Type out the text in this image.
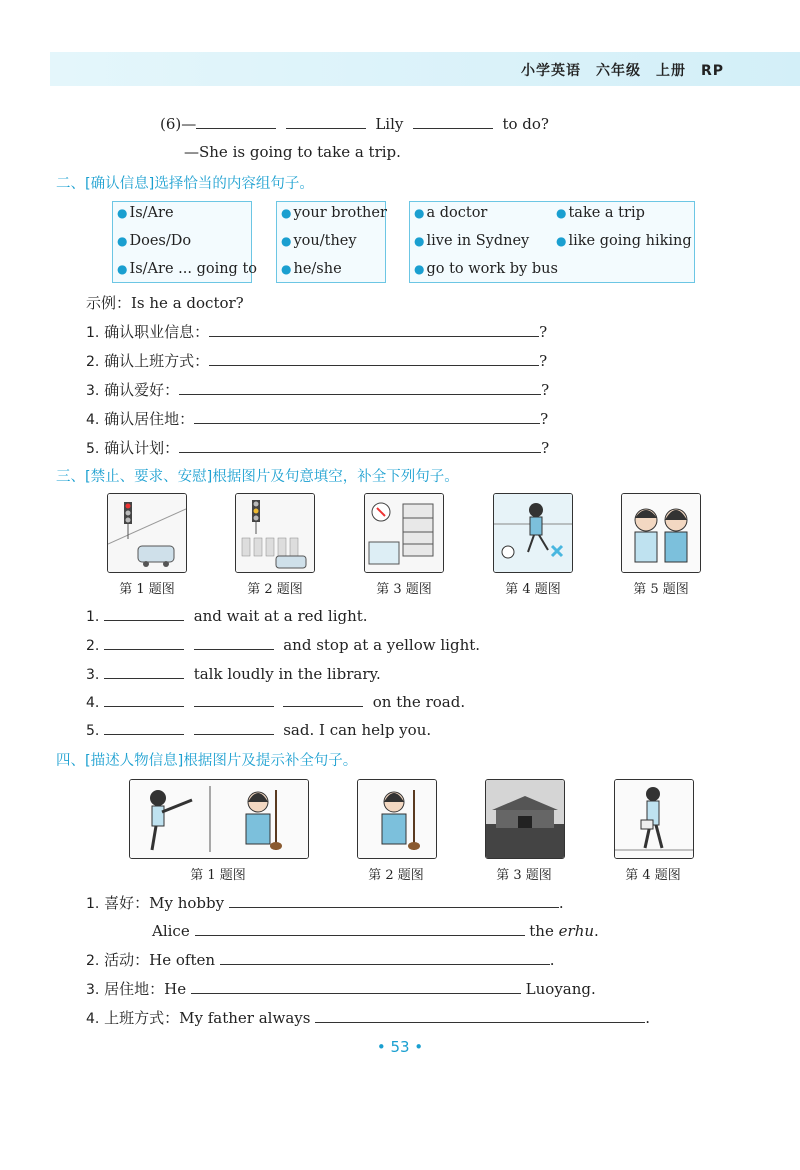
小学英语　六年级　上册　RP
(6)—	Lily	to do?
—She is going to take a trip.
二、[确认信息]选择恰当的内容组句子。
● Is/Are
● Does/Do
● Is/Are ... going to
● your brother
● you/they
● he/she
● a doctor	● take a trip
● live in Sydney ● like going hiking
● go to work by bus
示例：Is he a doctor?
1. 确认职业信息：	?
2. 确认上班方式：	?
3. 确认爱好：	?
4. 确认居住地：	?
5. 确认计划：	?
三、[禁止、要求、安慰]根据图片及句意填空，补全下列句子。
第 1 题图	第 2 题图	第 3 题图	第 4 题图	第 5 题图
1.	and wait at a red light.
2.	and stop at a yellow light.
3.	talk loudly in the library.
4.	on the road.
5.	sad. I can help you.
四、[描述人物信息]根据图片及提示补全句子。
第 1 题图	第 2 题图	第 3 题图	第 4 题图
1. 喜好：My hobby	.
Alice	the erhu.
2. 活动：He often	.
3. 居住地：He	Luoyang.
4. 上班方式：My father always	.
• 53 •
